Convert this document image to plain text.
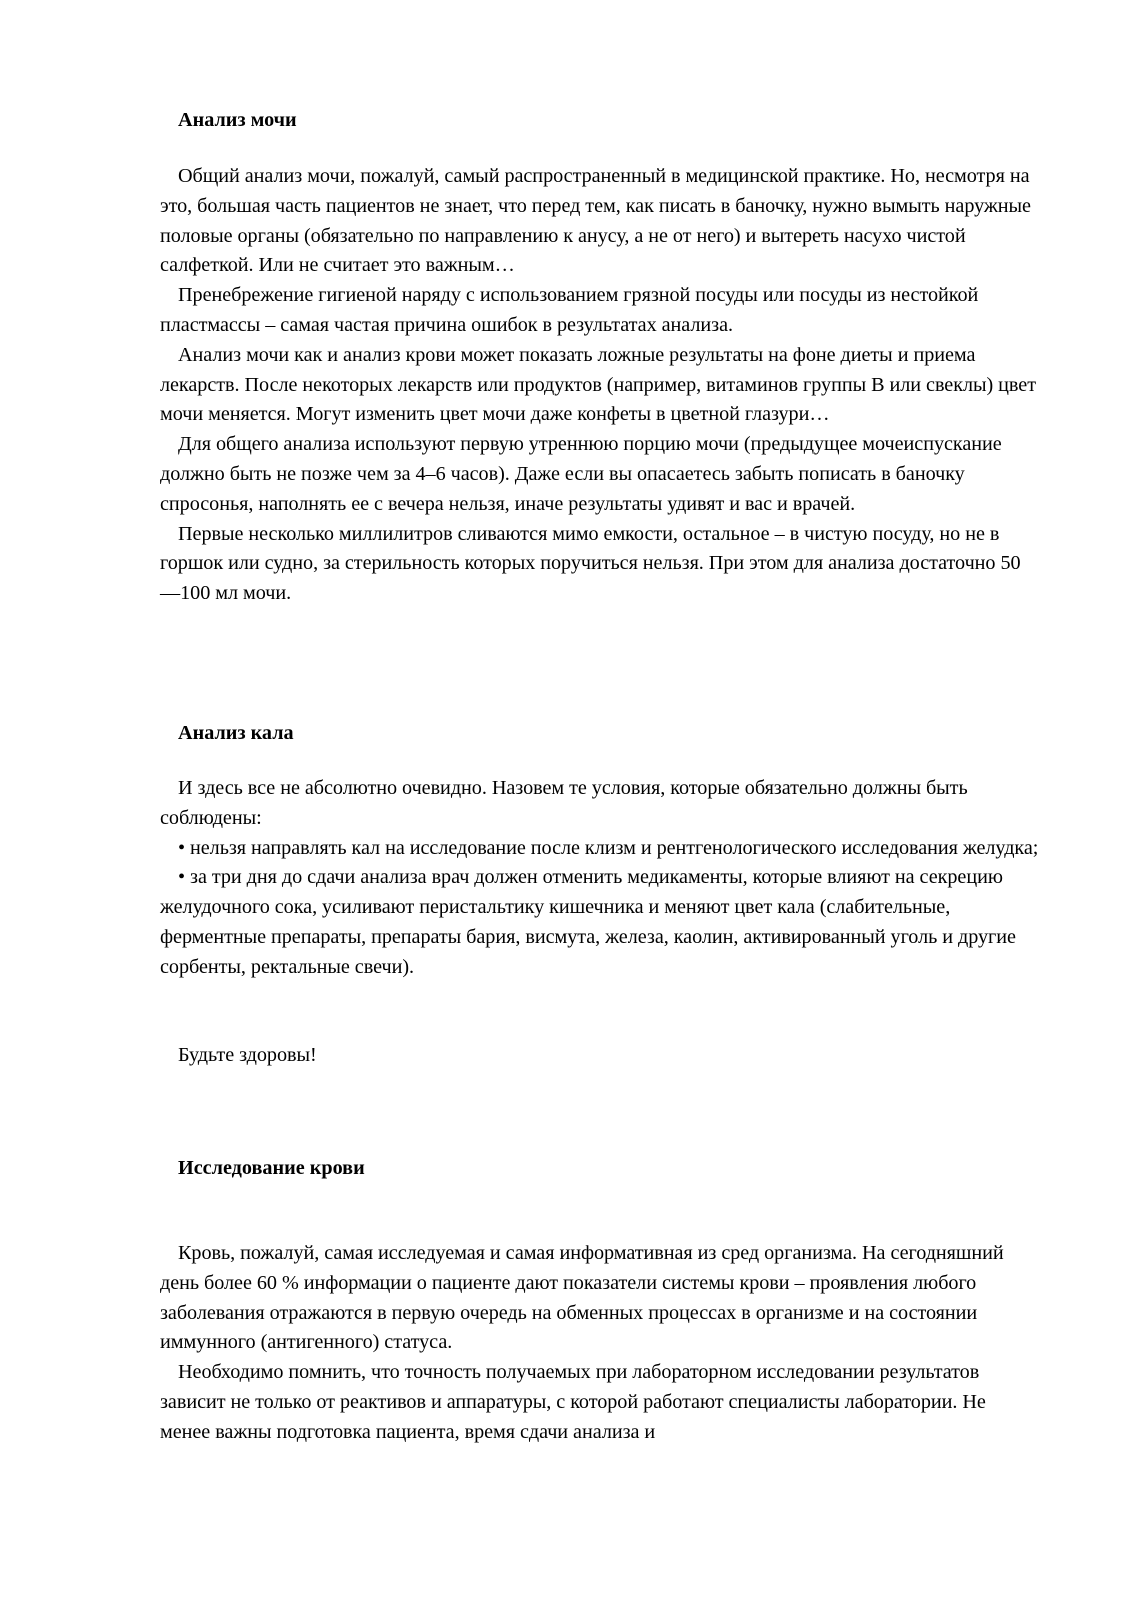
Анализ мочи

Общий анализ мочи, пожалуй, самый распространенный в медицинской практике. Но, несмотря на это, большая часть пациентов не знает, что перед тем, как писать в баночку, нужно вымыть наружные половые органы (обязательно по направлению к анусу, а не от него) и вытереть насухо чистой салфеткой. Или не считает это важным…

Пренебрежение гигиеной наряду с использованием грязной посуды или посуды из нестойкой пластмассы – самая частая причина ошибок в результатах анализа.

Анализ мочи как и анализ крови может показать ложные результаты на фоне диеты и приема лекарств. После некоторых лекарств или продуктов (например, витаминов группы В или свеклы) цвет мочи меняется. Могут изменить цвет мочи даже конфеты в цветной глазури…

Для общего анализа используют первую утреннюю порцию мочи (предыдущее мочеиспускание должно быть не позже чем за 4–6 часов). Даже если вы опасаетесь забыть пописать в баночку спросонья, наполнять ее с вечера нельзя, иначе результаты удивят и вас и врачей.

Первые несколько миллилитров сливаются мимо емкости, остальное – в чистую посуду, но не в горшок или судно, за стерильность которых поручиться нельзя. При этом для анализа достаточно 50—100 мл мочи.

Анализ кала

И здесь все не абсолютно очевидно. Назовем те условия, которые обязательно должны быть соблюдены:

• нельзя направлять кал на исследование после клизм и рентгенологического исследования желудка;

• за три дня до сдачи анализа врач должен отменить медикаменты, которые влияют на секрецию желудочного сока, усиливают перистальтику кишечника и меняют цвет кала (слабительные, ферментные препараты, препараты бария, висмута, железа, каолин, активированный уголь и другие сорбенты, ректальные свечи).

Будьте здоровы!

Исследование крови

Кровь, пожалуй, самая исследуемая и самая информативная из сред организма. На сегодняшний день более 60 % информации о пациенте дают показатели системы крови – проявления любого заболевания отражаются в первую очередь на обменных процессах в организме и на состоянии иммунного (антигенного) статуса.

Необходимо помнить, что точность получаемых при лабораторном исследовании результатов зависит не только от реактивов и аппаратуры, с которой работают специалисты лаборатории. Не менее важны подготовка пациента, время сдачи анализа и
